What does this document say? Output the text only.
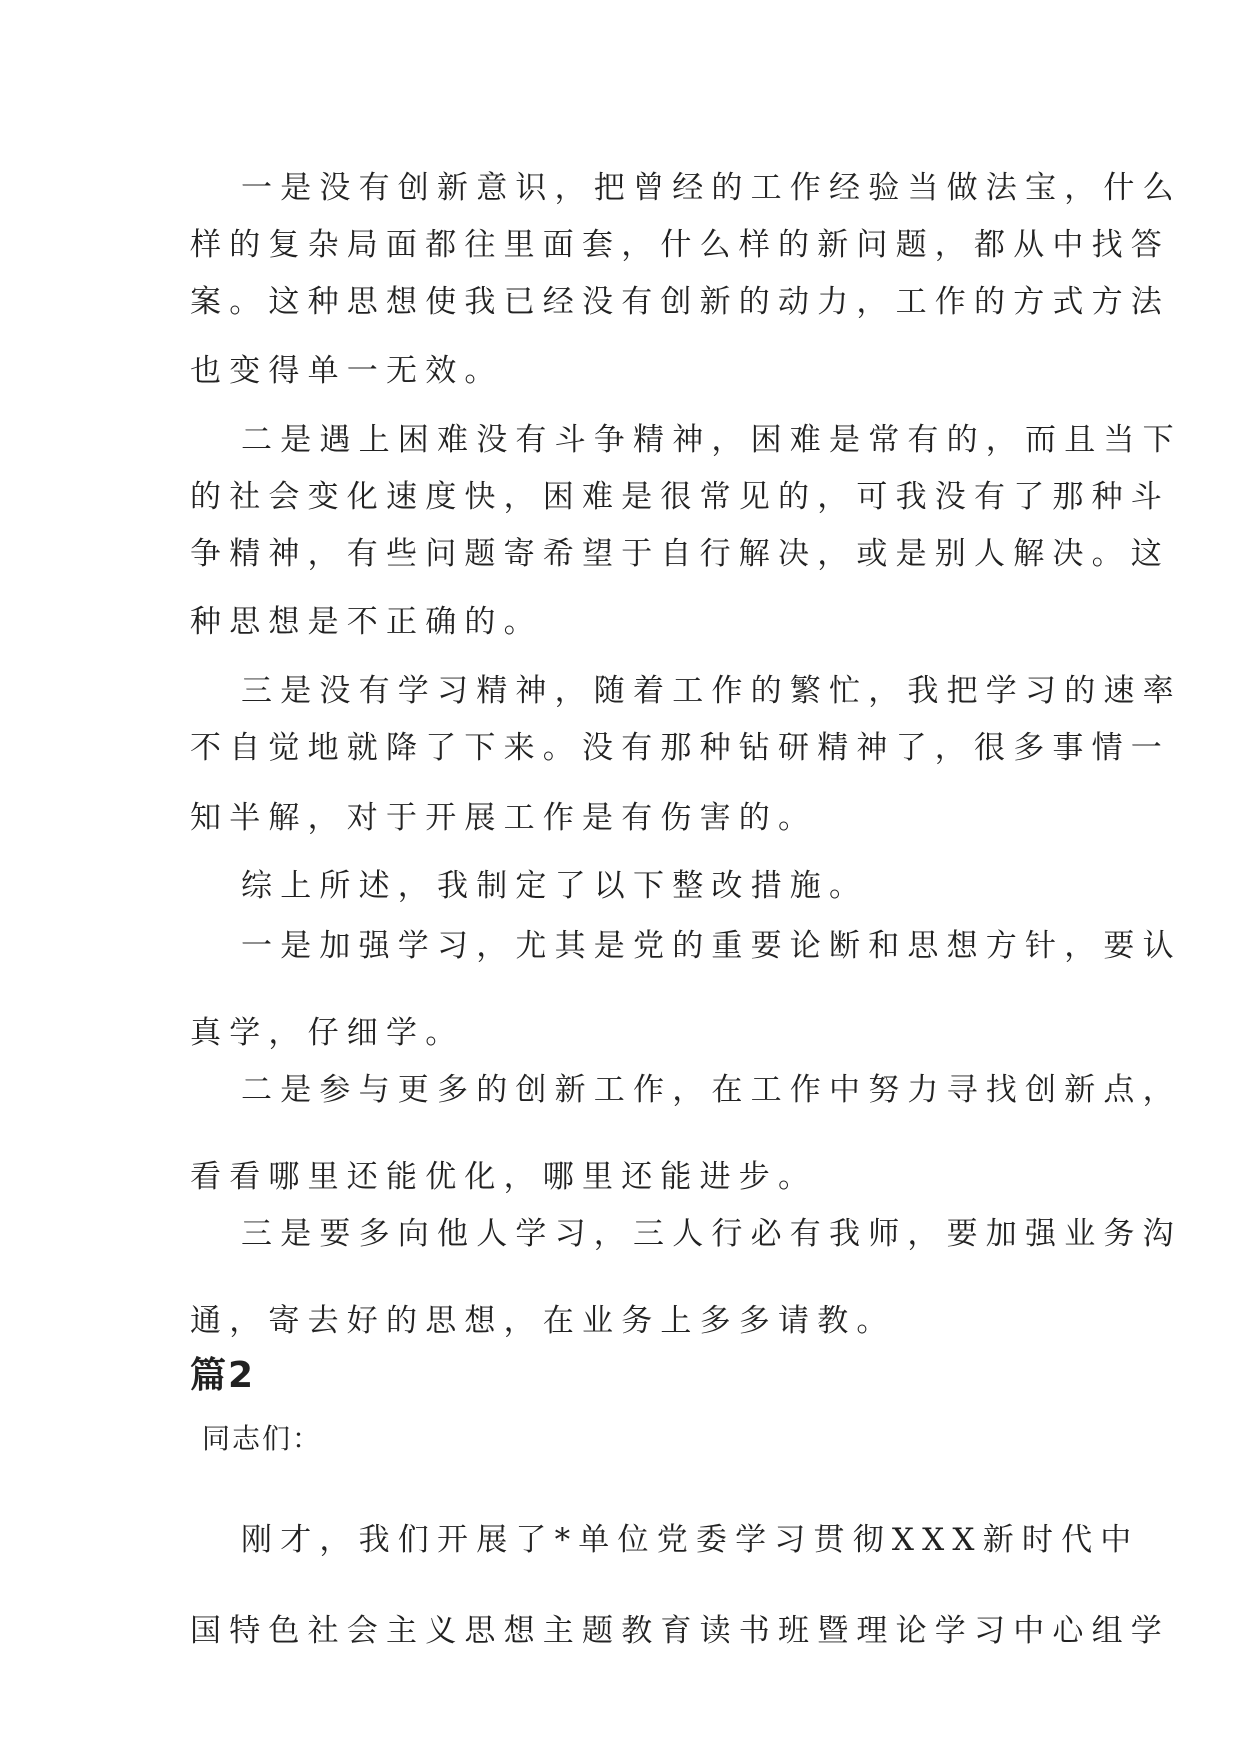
一是没有创新意识，把曾经的工作经验当做法宝，什么
样的复杂局面都往里面套，什么样的新问题，都从中找答
案。这种思想使我已经没有创新的动力，工作的方式方法
也变得单一无效。
二是遇上困难没有斗争精神，困难是常有的，而且当下
的社会变化速度快，困难是很常见的，可我没有了那种斗
争精神，有些问题寄希望于自行解决，或是别人解决。这
种思想是不正确的。
三是没有学习精神，随着工作的繁忙，我把学习的速率
不自觉地就降了下来。没有那种钻研精神了，很多事情一
知半解，对于开展工作是有伤害的。
综上所述，我制定了以下整改措施。
一是加强学习，尤其是党的重要论断和思想方针，要认
真学，仔细学。
二是参与更多的创新工作，在工作中努力寻找创新点，
看看哪里还能优化，哪里还能进步。
三是要多向他人学习，三人行必有我师，要加强业务沟
通，寄去好的思想，在业务上多多请教。
篇2
同志们：
刚才，我们开展了*单位党委学习贯彻XXX新时代中
国特色社会主义思想主题教育读书班暨理论学习中心组学
